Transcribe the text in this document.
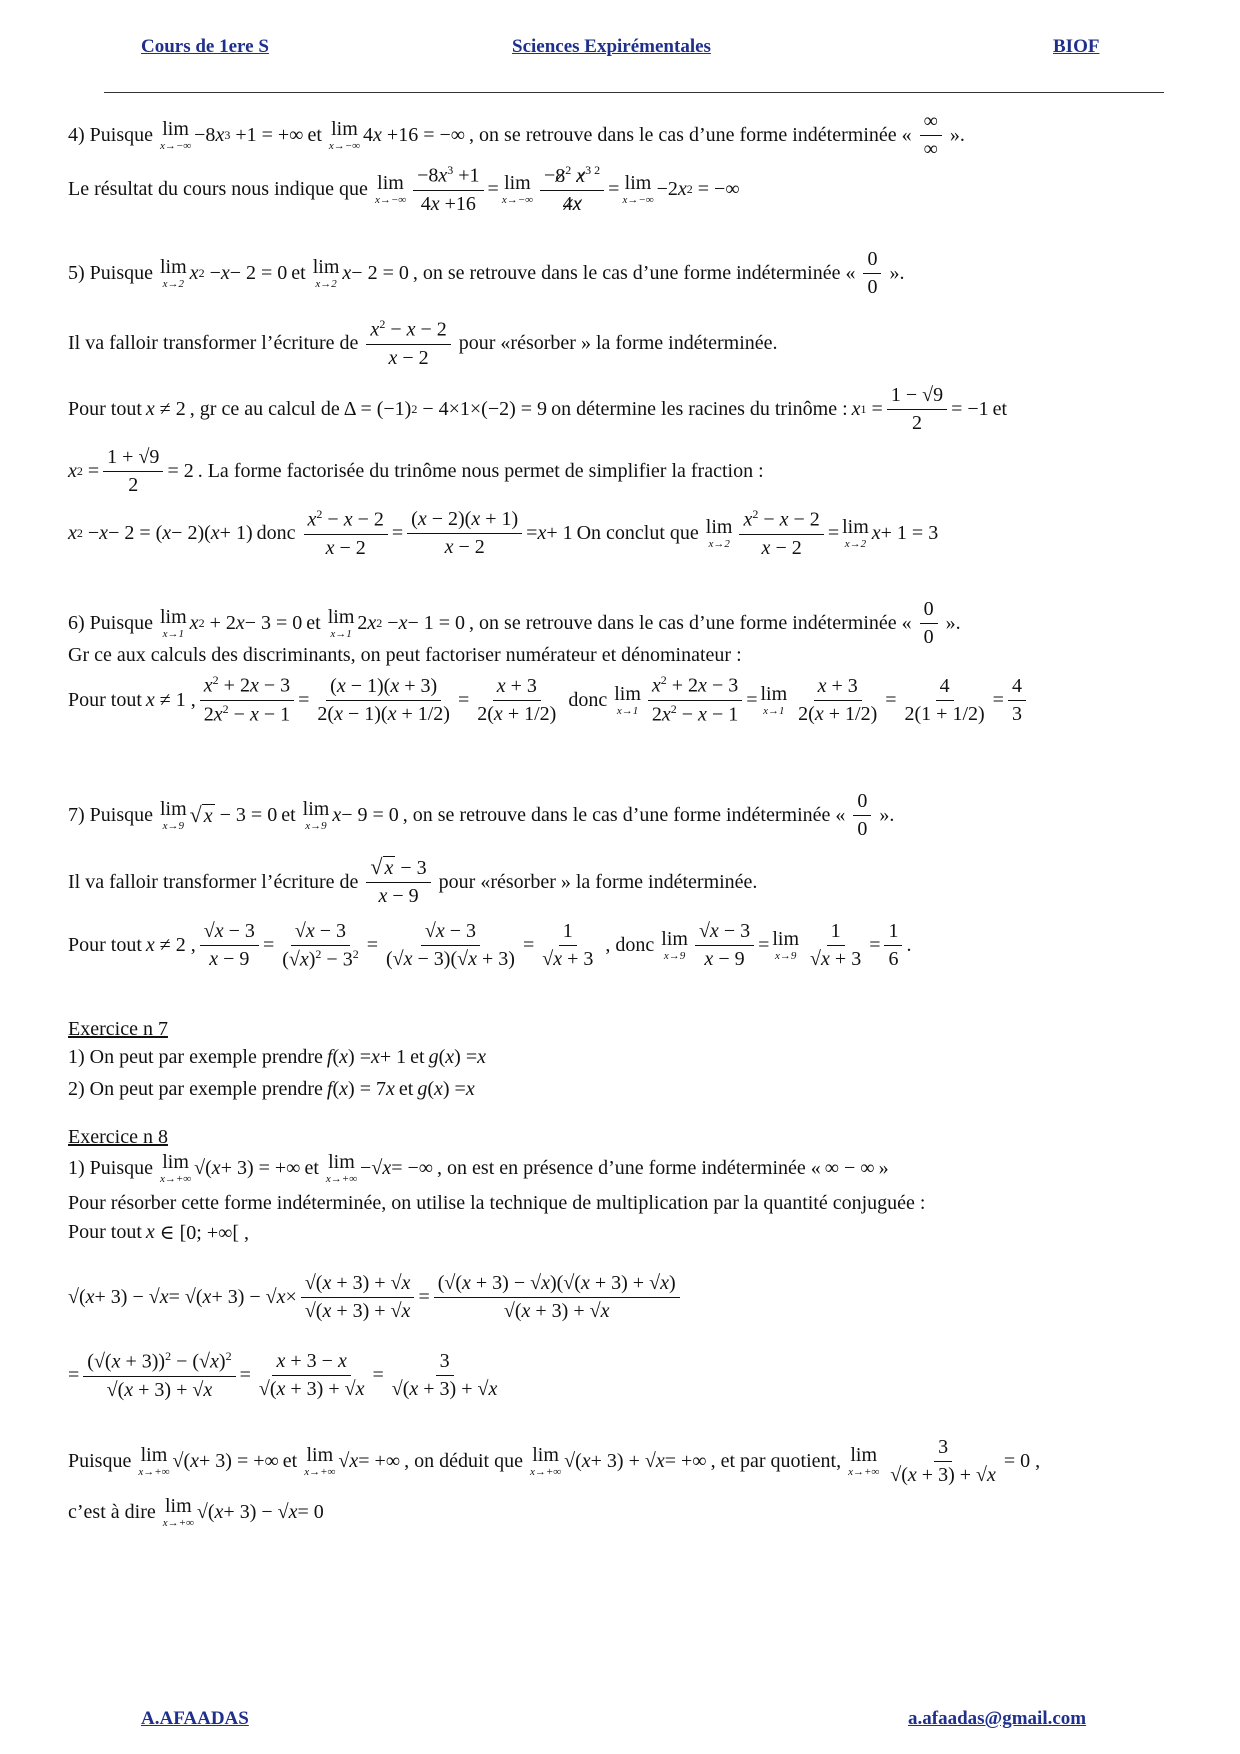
Cours de 1ere S	Sciences Expirémentales	BIOF
4) Puisque lim
x→−∞ −8 x 3 +1 = +∞ et lim
x→−∞ 4 x +16 = −∞ , on se retrouve dans le cas d’une forme indéterminée « $\frac{\infty}{\infty}$ ».
Le résultat du cours nous indique que lim
$x\to-\infty \frac{-8x^3 +1}{4x +16} = \lim$
$x\to-\infty \frac{-8^2 x^{3 2}}{4x} = \lim$
x→−∞ −2 x 2 = −∞
5) Puisque lim
x→2 x 2 − x − 2 = 0 et lim
x→2 x − 2 = 0 , on se retrouve dans le cas d’une forme indéterminée « $\frac{0}{0}$ ».
Il va falloir transformer l’écriture de $\frac{x^2 - x - 2}{x - 2}$ pour «résorber » la forme indéterminée.
Pour tout x ≠ 2 , gr ce au calcul de Δ = (−1) 2 − 4×1×(−2) = 9 on détermine les racines du trinôme : x $1 = \frac{1 - √9}{2} = -1$ et
x $2 = \frac{1 + √9}{2} = 2$ . La forme factorisée du trinôme nous permet de simplifier la fraction :
x 2 − x − 2 = ( x − 2)( x + 1) donc $\frac{x^2 - x - 2}{x - 2} = \frac{(x - 2)(x + 1)}{x - 2} = x + 1$ On conclut que lim
$x\to 2 \frac{x^2 - x - 2}{x - 2} = \lim$
x→2 x + 1 = 3
6) Puisque lim
x→1 x 2 + 2 x − 3 = 0 et lim
x→1 2 x 2 − x − 1 = 0 , on se retrouve dans le cas d’une forme indéterminée « $\frac{0}{0}$ ».
Gr ce aux calculs des discriminants, on peut factoriser numérateur et dénominateur :
Pour tout x ≠ 1 , $\frac{x^2 + 2x - 3}{2x^2 - x - 1} = \frac{(x - 1)(x + 3)}{2(x - 1)(x + 1/2)} = \frac{x + 3}{2(x + 1/2)}$ donc lim
$x\to 1 \frac{x^2 + 2x - 3}{2x^2 - x - 1} = \lim$
$x\to 1 \frac{x + 3}{2(x + 1/2)} = \frac{4}{2(1 + 1/2)} = \frac{4}{3}$
7) Puisque lim
x→9 √ x − 3 = 0 et lim
x→9 x − 9 = 0 , on se retrouve dans le cas d’une forme indéterminée « $\frac{0}{0}$ ».
Il va falloir transformer l’écriture de $\frac{√ x - 3}{x - 9}$ pour «résorber » la forme indéterminée.
Pour tout x ≠ 2 , $\frac{√x - 3}{x - 9} = \frac{√x - 3}{(√x)^2 - 3^2} = \frac{√x - 3}{(√x - 3)(√x + 3)} = \frac{1}{√x + 3}$ , donc lim
$x\to 9 \frac{√x - 3}{x - 9} = \lim$
$x\to 9 \frac{1}{√x + 3} = \frac{1}{6}$ .
Exercice n 7
1) On peut par exemple prendre f ( x ) = x + 1 et g ( x ) = x
2) On peut par exemple prendre f ( x ) = 7 x et g ( x ) = x
Exercice n 8
1) Puisque lim
x→+∞ √( x + 3) = +∞ et lim
x→+∞ −√ x = −∞ , on est en présence d’une forme indéterminée « ∞ − ∞ »
Pour résorber cette forme indéterminée, on utilise la technique de multiplication par la quantité conjuguée :
Pour tout x ∈ [0; +∞[ ,
√( x + 3) − √ x = √( x + 3) − √ $x \times \frac{√(x + 3) + √x}{√(x + 3) + √x} = \frac{(√(x + 3) - √x)(√(x + 3) + √x)}{√(x + 3) + √x}$
= $\frac{(√(x + 3))^2 - (√x)^2}{√(x + 3) + √x} = \frac{x + 3 - x}{√(x + 3) + √x} = \frac{3}{√(x + 3) + √x}$
Puisque lim
x→+∞ √( x + 3) = +∞ et lim
x→+∞ √ x = +∞ , on déduit que lim
x→+∞ √( x + 3) + √ x = +∞ , et par quotient, lim
$x\to+\infty \frac{3}{√(x + 3) + √x} = 0$ ,
c’est à dire lim
x→+∞ √( x + 3) − √ x = 0
A.AFAADAS	a.afaadas@gmail.com
